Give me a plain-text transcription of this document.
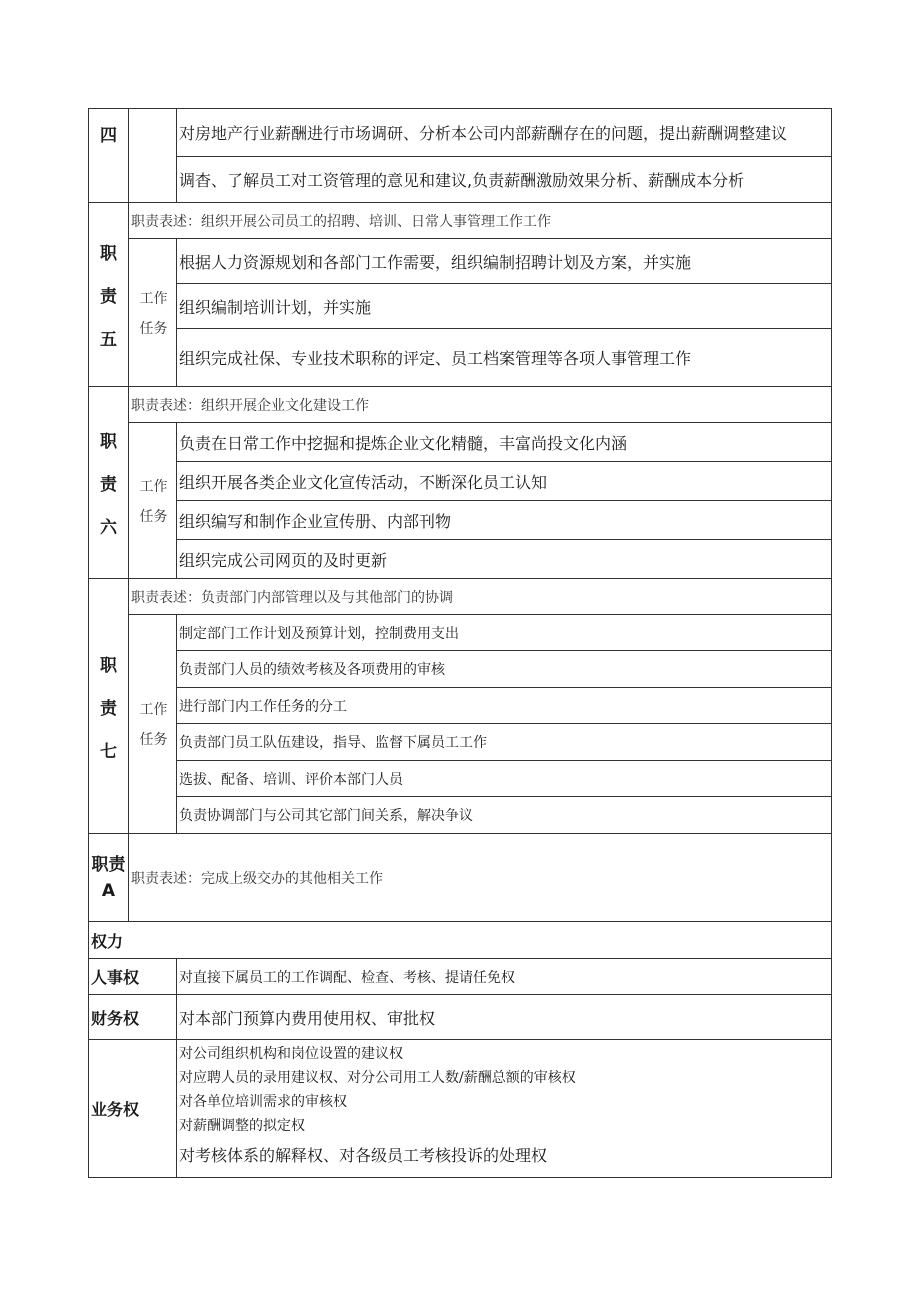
四		对房地产行业薪酬进行市场调研、分析本公司内部薪酬存在的问题，提出薪酬调整建议
		调杳、了解员工对工资管理的意见和建议,负责薪酬激励效果分析、薪酬成本分析

职
责
五	职责表述：组织开展公司员工的招聘、培训、日常人事管理工作工作	

	工作
任务	根据人力资源规划和各部门工作需要，组织编制招聘计划及方案，并实施
		组织编制培训计划，并实施
		组织完成社保、专业技术职称的评定、员工档案管理等各项人事管理工作

职
责
六	职责表述：组织开展企业文化建设工作	

	工作
任务	负责在日常工作中挖掘和提炼企业文化精髓，丰富尚投文化内涵
		组织开展各类企业文化宣传活动，不断深化员工认知
		组织编写和制作企业宣传册、内部刊物
		组织完成公司网页的及时更新

职
责
七	职责表述：负责部门内部管理以及与其他部门的协调	

	工作
任务	制定部门工作计划及预算计划，控制费用支出
		负责部门人员的绩效考核及各项费用的审核
		进行部门内工作任务的分工
		负责部门员工队伍建设，指导、监督下属员工工作
		选拔、配备、培训、评价本部门人员
		负责协调部门与公司其它部门间关系，解决争议

职责
A	职责表述：完成上级交办的其他相关工作	
权力		
人事权		对直接下属员工的工作调配、检查、考核、提请任免权
财务权		对本部门预算内费用使用权、审批权
业务权		对公司组织机构和岗位设置的建议权
对应聘人员的录用建议权、对分公司用工人数/薪酬总额的审核权
对各单位培训需求的审核权
对薪酬调整的拟定权
对考核体系的解释权、对各级员工考核投诉的处理权
